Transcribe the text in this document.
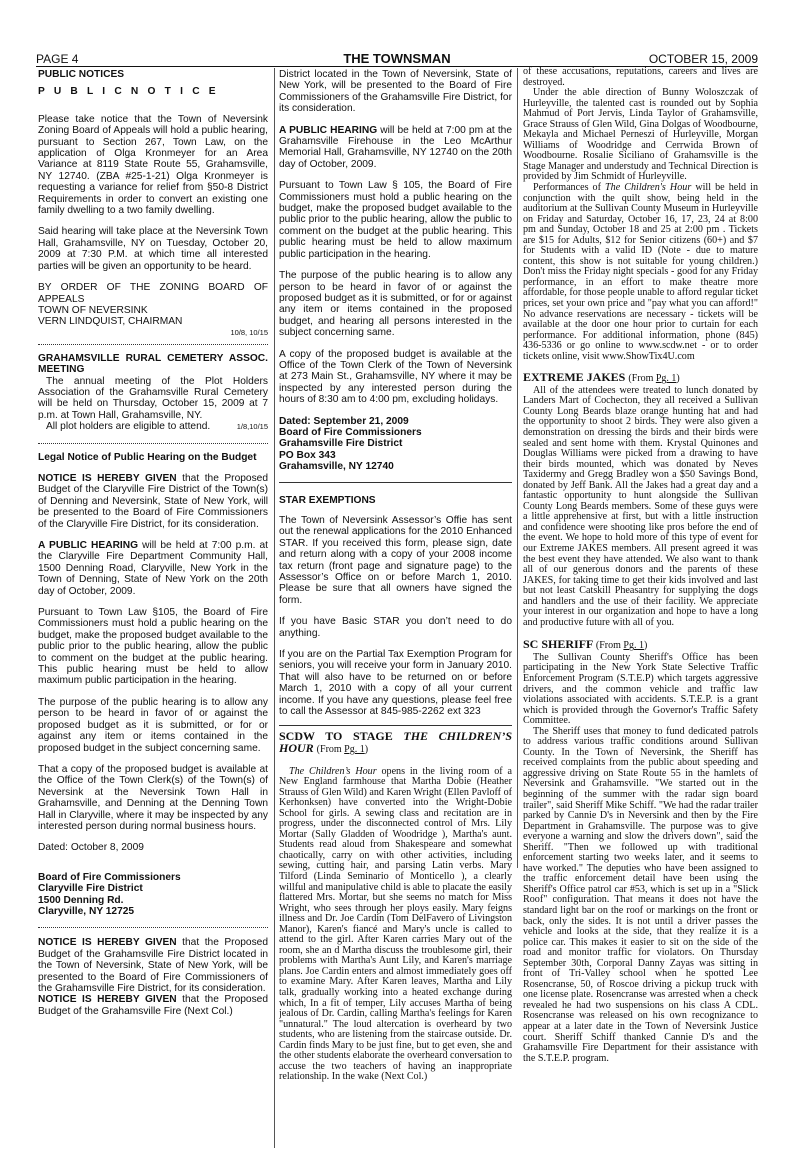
THE TOWNSMAN
PAGE 4	OCTOBER 15, 2009

PUBLIC NOTICES

P U B L I C N O T I C E

Please take notice that the Town of Neversink Zoning Board of Appeals will hold a public hearing, pursuant to Section 267, Town Law, on the application of Olga Kronmeyer for an Area Variance at 8119 State Route 55, Grahamsville, NY 12740. (ZBA #25-1-21) Olga Kronmeyer is requesting a variance for relief from §50-8 District Requirements in order to convert an existing one family dwelling to a two family dwelling.

Said hearing will take place at the Neversink Town Hall, Grahamsville, NY on Tuesday, October 20, 2009 at 7:30 P.M. at which time all interested parties will be given an opportunity to be heard.

BY ORDER OF THE ZONING BOARD OF APPEALS

TOWN OF NEVERSINK

VERN LINDQUIST, CHAIRMAN

10/8, 10/15

GRAHAMSVILLE RURAL CEMETERY ASSOC. MEETING

The annual meeting of the Plot Holders Association of the Grahamsville Rural Cemetery will be held on Thursday, October 15, 2009 at 7 p.m. at Town Hall, Grahamsville, NY.

All plot holders are eligible to attend.	1/8,10/15

Legal Notice of Public Hearing on the Budget

NOTICE IS HEREBY GIVEN that the Proposed Budget of the Claryville Fire District of the Town(s) of Denning and Neversink, State of New York, will be presented to the Board of Fire Commissioners of the Claryville Fire District, for its consideration.

A PUBLIC HEARING will be held at 7:00 p.m. at the Claryville Fire Department Community Hall, 1500 Denning Road, Claryville, New York in the Town of Denning, State of New York on the 20th day of October, 2009.

Pursuant to Town Law §105, the Board of Fire Commissioners must hold a public hearing on the budget, make the proposed budget available to the public prior to the public hearing, allow the public to comment on the budget at the public hearing. This public hearing must be held to allow maximum public participation in the hearing.

The purpose of the public hearing is to allow any person to be heard in favor of or against the proposed budget as it is submitted, or for or against any item or items contained in the proposed budget in the subject concerning same.

That a copy of the proposed budget is available at the Office of the Town Clerk(s) of the Town(s) of Neversink at the Neversink Town Hall in Grahamsville, and Denning at the Denning Town Hall in Claryville, where it may be inspected by any interested person during normal business hours.

Dated: October 8, 2009

Board of Fire Commissioners

Claryville Fire District

1500 Denning Rd.

Claryville, NY 12725

NOTICE IS HEREBY GIVEN that the Proposed Budget of the Grahamsville Fire District located in the Town of Neversink, State of New York, will be presented to the Board of Fire Commissioners of the Grahamsville Fire District, for its consideration.

NOTICE IS HEREBY GIVEN that the Proposed Budget of the Grahamsville Fire (Next Col.)

District located in the Town of Neversink, State of New York, will be presented to the Board of Fire Commissioners of the Grahamsville Fire District, for its consideration.

A PUBLIC HEARING will be held at 7:00 pm at the Grahamsville Firehouse in the Leo McArthur Memorial Hall, Grahamsville, NY 12740 on the 20th day of October, 2009.

Pursuant to Town Law § 105, the Board of Fire Commissioners must hold a public hearing on the budget, make the proposed budget available to the public prior to the public hearing, allow the public to comment on the budget at the public hearing. This public hearing must be held to allow maximum public participation in the hearing.

The purpose of the public hearing is to allow any person to be heard in favor of or against the proposed budget as it is submitted, or for or against any item or items contained in the proposed budget, and hearing all persons interested in the subject concerning same.

A copy of the proposed budget is available at the Office of the Town Clerk of the Town of Neversink at 273 Main St., Grahamsville, NY where it may be inspected by any interested person during the hours of 8:30 am to 4:00 pm, excluding holidays.

Dated: September 21, 2009

Board of Fire Commissioners

Grahamsville Fire District

PO Box 343

Grahamsville, NY 12740

STAR EXEMPTIONS

The Town of Neversink Assessor’s Offie has sent out the renewal applications for the 2010 Enhanced STAR. If you received this form, please sign, date and return along with a copy of your 2008 income tax return (front page and signature page) to the Assessor’s Office on or before March 1, 2010. Please be sure that all owners have signed the form.

If you have Basic STAR you don’t need to do anything.

If you are on the Partial Tax Exemption Program for seniors, you will receive your form in January 2010. That will also have to be returned on or before March 1, 2010 with a copy of all your current income. If you have any questions, please feel free to call the Assessor at 845-985-2262 ext 323

SCDW TO STAGE THE CHILDREN’S HOUR (From Pg. 1)

The Children’s Hour opens in the living room of a New England farmhouse that Martha Dobie (Heather Strauss of Glen Wild) and Karen Wright (Ellen Pavloff of Kerhonksen) have converted into the Wright-Dobie School for girls. A sewing class and recitation are in progress, under the disconnected control of Mrs. Lily Mortar (Sally Gladden of Woodridge ), Martha's aunt. Students read aloud from Shakespeare and somewhat chaotically, carry on with other activities, including sewing, cutting hair, and parsing Latin verbs. Mary Tilford (Linda Seminario of Monticello ), a clearly willful and manipulative child is able to placate the easily flattered Mrs. Mortar, but she seems no match for Miss Wright, who sees through her ploys easily. Mary feigns illness and Dr. Joe Cardin (Tom DelFavero of Livingston Manor), Karen's fiancé and Mary's uncle is called to attend to the girl. After Karen carries Mary out of the room, she an d Martha discuss the troublesome girl, their problems with Martha's Aunt Lily, and Karen's marriage plans. Joe Cardin enters and almost immediately goes off to examine Mary. After Karen leaves, Martha and Lily talk, gradually working into a heated exchange during which, In a fit of temper, Lily accuses Martha of being jealous of Dr. Cardin, calling Martha's feelings for Karen "unnatural." The loud altercation is overheard by two students, who are listening from the staircase outside. Dr. Cardin finds Mary to be just fine, but to get even, she and the other students elaborate the overheard conversation to accuse the two teachers of having an inappropriate relationship. In the wake (Next Col.)

of these accusations, reputations, careers and lives are destroyed.

Under the able direction of Bunny Woloszczak of Hurleyville, the talented cast is rounded out by Sophia Mahmud of Port Jervis, Linda Taylor of Grahamsville, Grace Strauss of Glen Wild, Gina Dolgas of Woodbourne, Mekayla and Michael Perneszi of Hurleyville, Morgan Williams of Woodridge and Cerrwida Brown of Woodbourne. Rosalie Siciliano of Grahamsville is the Stage Manager and understudy and Technical Direction is provided by Jim Schmidt of Hurleyville.

Performances of The Children's Hour will be held in conjunction with the quilt show, being held in the auditorium at the Sullivan County Museum in Hurleyville on Friday and Saturday, October 16, 17, 23, 24 at 8:00 pm and Sunday, October 18 and 25 at 2:00 pm . Tickets are $15 for Adults, $12 for Senior citizens (60+) and $7 for Students with a valid ID (Note - due to mature content, this show is not suitable for young children.) Don't miss the Friday night specials - good for any Friday performance, in an effort to make theatre more affordable, for those people unable to afford regular ticket prices, set your own price and "pay what you can afford!" No advance reservations are necessary - tickets will be available at the door one hour prior to curtain for each performance. For additional information, phone (845) 436-5336 or go online to www.scdw.net - or to order tickets online, visit www.ShowTix4U.com

EXTREME JAKES (From Pg. 1)

All of the attendees were treated to lunch donated by Landers Mart of Cochecton, they all received a Sullivan County Long Beards blaze orange hunting hat and had the opportunity to shoot 2 birds. They were also given a demonstration on dressing the birds and their birds were sealed and sent home with them. Krystal Quinones and Douglas Williams were picked from a drawing to have their birds mounted, which was donated by Neves Taxidermy and Gregg Bradley won a $50 Savings Bond, donated by Jeff Bank. All the Jakes had a great day and a fantastic opportunity to hunt alongside the Sullivan County Long Beards members. Some of these guys were a little apprehensive at first, but with a little instruction and confidence were shooting like pros before the end of the event. We hope to hold more of this type of event for our Extreme JAKES members. All present agreed it was the best event they have attended. We also want to thank all of our generous donors and the parents of these JAKES, for taking time to get their kids involved and last but not least Catskill Pheasantry for supplying the dogs and handlers and the use of their facility. We appreciate your interest in our organization and hope to have a long and productive future with all of you.

SC SHERIFF (From Pg. 1)

The Sullivan County Sheriff's Office has been participating in the New York State Selective Traffic Enforcement Program (S.T.E.P) which targets aggressive drivers, and the common vehicle and traffic law violations associated with accidents. S.T.E.P. is a grant which is provided through the Governor's Traffic Safety Committee.

The Sheriff uses that money to fund dedicated patrols to address various traffic conditions around Sullivan County. In the Town of Neversink, the Sheriff has received complaints from the public about speeding and aggressive driving on State Route 55 in the hamlets of Neversink and Grahamsville. "We started out in the beginning of the summer with the radar sign board trailer", said Sheriff Mike Schiff. "We had the radar trailer parked by Cannie D's in Neversink and then by the Fire Department in Grahamsville. The purpose was to give everyone a warning and slow the drivers down", said the Sheriff. "Then we followed up with traditional enforcement starting two weeks later, and it seems to have worked." The deputies who have been assigned to the traffic enforcement detail have been using the Sheriff's Office patrol car #53, which is set up in a "Slick Roof" configuration. That means it does not have the standard light bar on the roof or markings on the front or back, only the sides. It is not until a driver passes the vehicle and looks at the side, that they realize it is a police car. This makes it easier to sit on the side of the road and monitor traffic for violators. On Thursday September 30th, Corporal Danny Zayas was sitting in front of Tri-Valley school when he spotted Lee Rosencranse, 50, of Roscoe driving a pickup truck with one license plate. Rosencranse was arrested when a check revealed he had two suspensions on his class A CDL. Rosencranse was released on his own recognizance to appear at a later date in the Town of Neversink Justice court. Sheriff Schiff thanked Cannie D's and the Grahamsville Fire Department for their assistance with the S.T.E.P. program.
